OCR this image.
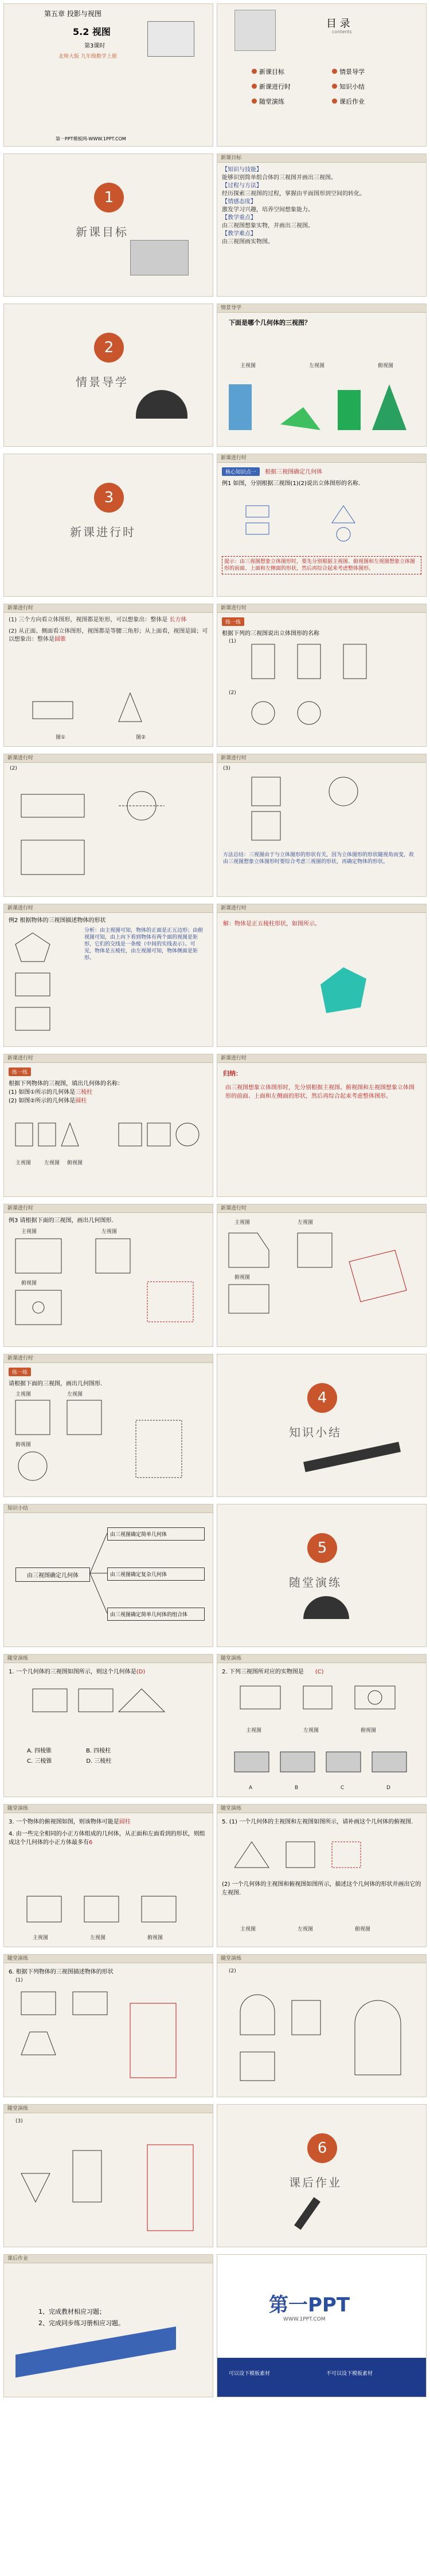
第五章 投影与视图
5.2 视图
第3课时
北师大版 九年级数学上册
第一PPT模板网-WWW.1PPT.COM
目 录
contents
新课目标
新课进行时
随堂演练
情景导学
知识小结
课后作业
1
新课目标
新课目标
【知识与技能】
能够识别简单组合体的三视图并画出三视图。
【过程与方法】
经历探索三视图的过程，掌握由平面图形到空间的转化。
【情感态度】
激发学习兴趣，培养空间想象能力。
【教学重点】
由三视图想象实物，并画出三视图。
【教学难点】
由三视图画实物图。
2
情景导学
情景导学
下面是哪个几何体的三视图？
主视图	左视图	俯视图
3
新课进行时
新课进行时
核心知识点一 根据三视图确定几何体
例1 如图，分别根据三视图(1)(2)说出立体图形的名称.
提示：由三视图想象立体图形时，要先分别根据主视图、俯视图和左视图想象立体图形的前面、上面和左侧面的形状，然后再综合起来考虑整体图形。
新课进行时
(1) 三个方向看立体图形，视图都是矩形，可以想象出：整体是 长方体
(2) 从正面、侧面看立体图形，视图都是等腰三角形；从上面看，视图是圆；可以想象出：整体是圆锥
图①	图②
新课进行时
练一练
根据下列的三视图说出立体图形的名称
(1)
(2)
新课进行时
(2)
新课进行时
(3)
方法总结：三视图由于与立体图形的形状有关，因为立体图形的形状随视角而变，故由三视图想象立体图形时要综合考虑三视图的形状，再确定物体的形状。
新课进行时
例2 根据物体的三视图描述物体的形状
分析：由主视图可知，物体的正面是正五边形；由俯视图可知，由上向下看到物体有两个面的视图是矩形，它们的交线是一条棱（中间的实线表示）。可见，物体是五棱柱，由左视图可知，物体侧面是矩形。
新课进行时
解：物体是正五棱柱形状，如图所示。
新课进行时
练一练
根据下列物体的三视图，填出几何体的名称：
(1) 如图①所示的几何体是三棱柱
(2) 如图②所示的几何体是圆柱
主视图	左视图 俯视图
新课进行时
归纳：
由三视图想象立体图形时，先分别根据主视图、俯视图和左视图想象立体图形的前面、上面和左侧面的形状，然后再综合起来考虑整体图形。
新课进行时
例3 请根据下面的三视图，画出几何图形.
主视图	左视图
俯视图
新课进行时
主视图	左视图
俯视图
新课进行时
练一练
请根据下面的三视图，画出几何图形.
主视图	左视图
俯视图
4
知识小结
知识小结
由三视图确定几何体
由三视图确定简单几何体
由三视图确定复杂几何体
由三视图确定简单几何体的组合体
5
随堂演练
随堂演练
1. 一个几何体的三视图如图所示，则这个几何体是(D)
A. 四棱锥	B. 四棱柱
C. 三棱锥	D. 三棱柱
随堂演练
2. 下列三视图所对应的实物图是 (C)
主视图	左视图	俯视图
A	B	C	D
随堂演练
3. 一个物体的俯视图如图，则该物体可能是圆柱
4. 由一些完全相同的小正方体组成的几何体，从正面和左面看到的形状，则组成这个几何体的小正方体最多有6
主视图	左视图	俯视图
随堂演练
5. (1) 一个几何体的主视图和左视图如图所示，请补画这个几何体的俯视图.
(2) 一个几何体的主视图和俯视图如图所示，描述这个几何体的形状并画出它的左视图.
主视图	左视图	俯视图
随堂演练
6. 根据下列物体的三视图描述物体的形状
(1)
随堂演练
(2)
随堂演练
(3)
6
课后作业
课后作业
1、完成教材相应习题；
2、完成同步练习册相应习题。
第一PPT
WWW.1PPT.COM
可以设下模板素材	不可以设下模板素材
